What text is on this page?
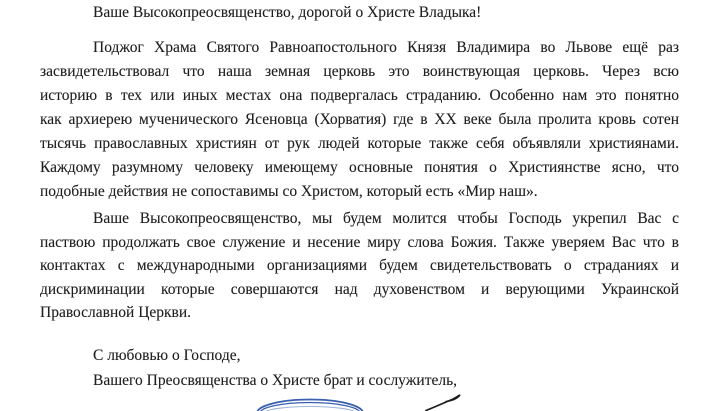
Ваше Высокопреосвященство, дорогой о Христе Владыка!
Поджог Храма Святого Равноапостольного Князя Владимира во Львове ещё раз
засвидетельствовал что наша земная церковь это воинствующая церковь. Через всю
историю в тех или иных местах она подвергалась страданию. Особенно нам это понятно
как архиерею мученического Ясеновца (Хорватия) где в XX веке была пролита кровь сотен
тысячь православных християн от рук людей которые также себя объявляли християнами.
Каждому разумному человеку имеющему основные понятия о Християнстве ясно, что
подобные действия не сопоставимы со Христом, который есть «Мир наш».
Ваше Высокопреосвященство, мы будем молится чтобы Господь укрепил Вас с
паствою продолжать свое служение и несение миру слова Божия. Также уверяем Вас что в
контактах с международными организациями будем свидетельствовать о страданиях и
дискриминации которые совершаются над духовенством и верующими Украинской
Православной Церкви.
С любовью о Господе,
Вашего Преосвященства о Христе брат и сослужитель,
